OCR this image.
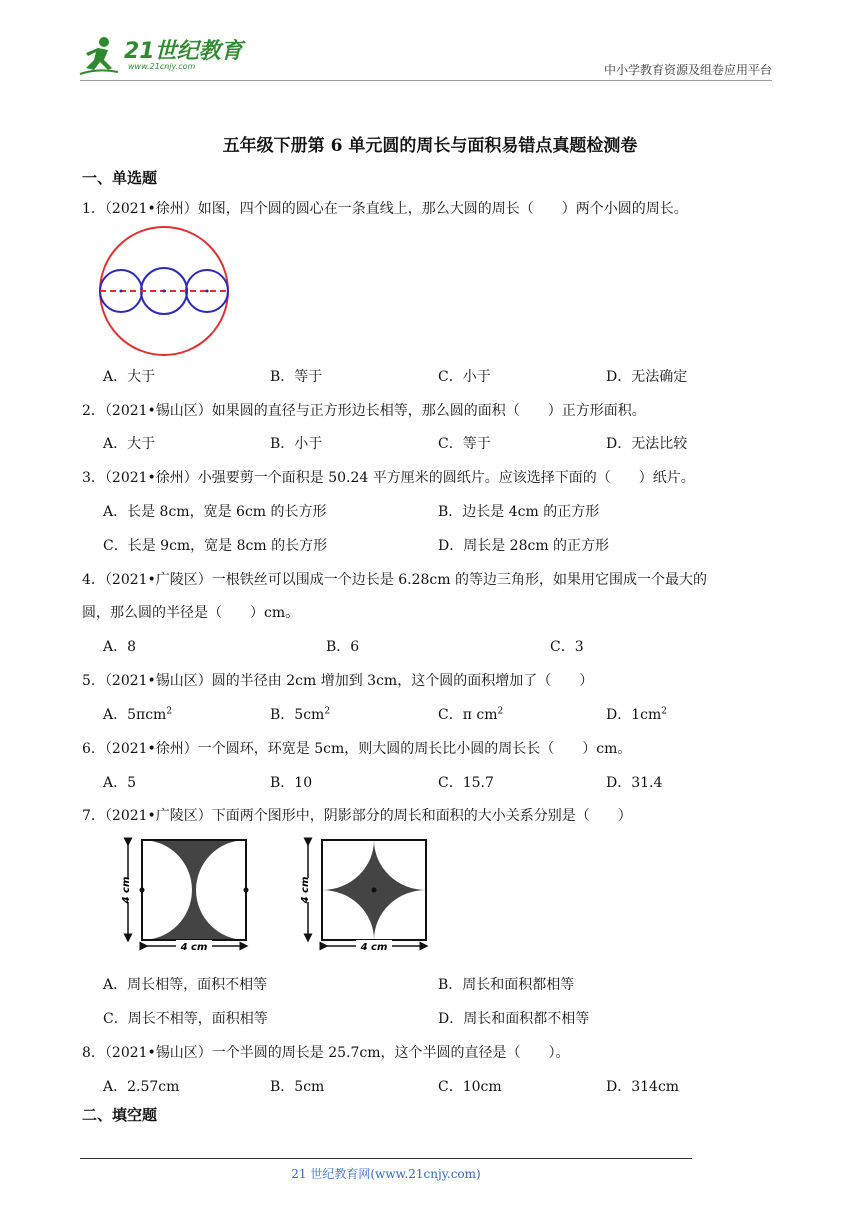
21世纪教育
www.21cnjy.com	中小学教育资源及组卷应用平台
五年级下册第 6 单元圆的周长与面积易错点真题检测卷
一、单选题
1．（2021•徐州）如图，四个圆的圆心在一条直线上，那么大圆的周长（　　）两个小圆的周长。
A．大于	B．等于	C．小于	D．无法确定
2．（2021•锡山区）如果圆的直径与正方形边长相等，那么圆的面积（　　）正方形面积。
A．大于	B．小于	C．等于	D．无法比较
3．（2021•徐州）小强要剪一个面积是 50.24 平方厘米的圆纸片。应该选择下面的（　　）纸片。
A．长是 8cm，宽是 6cm 的长方形	B．边长是 4cm 的正方形
C．长是 9cm，宽是 8cm 的长方形	D．周长是 28cm 的正方形
4．（2021•广陵区）一根铁丝可以围成一个边长是 6.28cm 的等边三角形，如果用它围成一个最大的
圆，那么圆的半径是（　　）cm。
A．8	B．6	C．3
5．（2021•锡山区）圆的半径由 2cm 增加到 3cm，这个圆的面积增加了（　　）
A．5πcm$^2$	B．$5cm^2$	C．π $cm^2$	D．$1cm^2$
6．（2021•徐州）一个圆环，环宽是 5cm，则大圆的周长比小圆的周长长（　　）cm。
A．5	B．10	C．15.7	D．31.4
7．（2021•广陵区）下面两个图形中，阴影部分的周长和面积的大小关系分别是（　　）
4 cm
4 cm
4 cm
4 cm
A．周长相等，面积不相等	B．周长和面积都相等
C．周长不相等，面积相等	D．周长和面积都不相等
8．（2021•锡山区）一个半圆的周长是 25.7cm，这个半圆的直径是（　　）。
A．2.57cm	B．5cm	C．10cm	D．314cm
二、填空题
21 世纪教育网(www.21cnjy.com)
